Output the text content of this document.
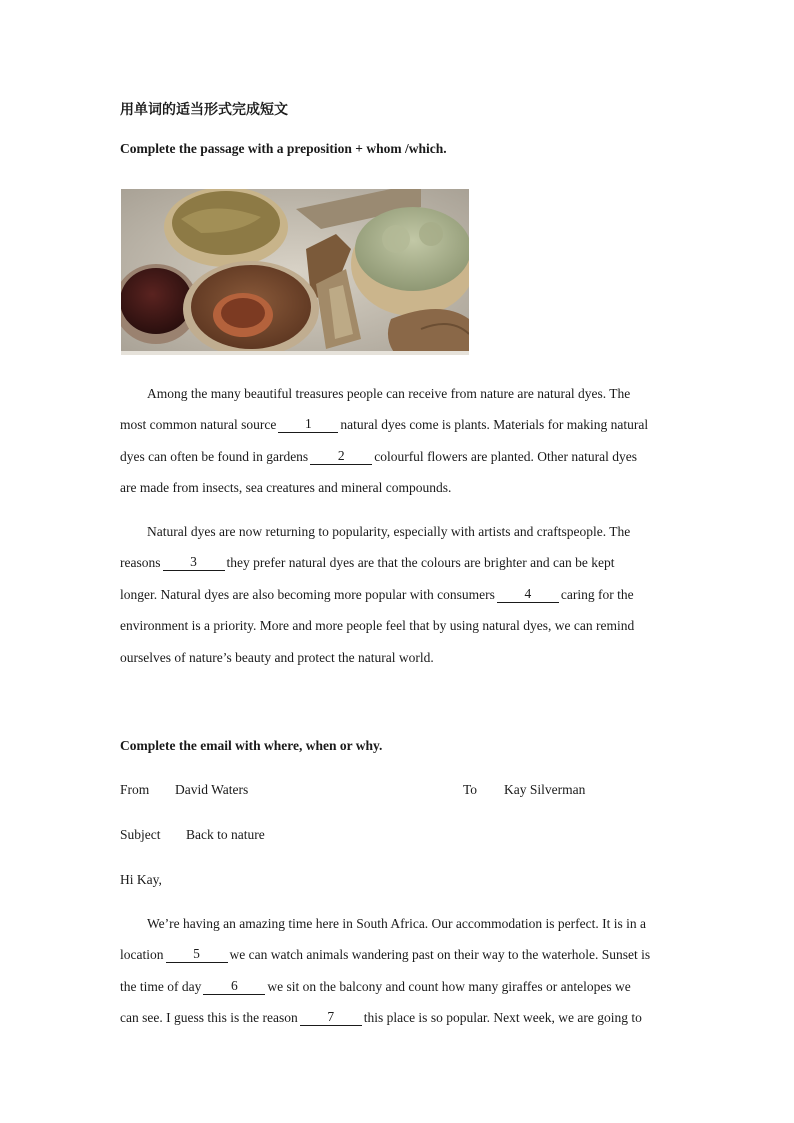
用单词的适当形式完成短文
Complete the passage with a preposition + whom /which.
Among the many beautiful treasures people can receive from nature are natural dyes. The
most common natural source 1 natural dyes come is plants. Materials for making natural
dyes can often be found in gardens 2 colourful flowers are planted. Other natural dyes
are made from insects, sea creatures and mineral compounds.
Natural dyes are now returning to popularity, especially with artists and craftspeople. The
reasons 3 they prefer natural dyes are that the colours are brighter and can be kept
longer. Natural dyes are also becoming more popular with consumers 4 caring for the
environment is a priority. More and more people feel that by using natural dyes, we can remind
ourselves of nature’s beauty and protect the natural world.
Complete the email with where, when or why.
From David Waters	To Kay Silverman
Subject Back to nature
Hi Kay,
We’re having an amazing time here in South Africa. Our accommodation is perfect. It is in a
location 5 we can watch animals wandering past on their way to the waterhole. Sunset is
the time of day 6 we sit on the balcony and count how many giraffes or antelopes we
can see. I guess this is the reason 7 this place is so popular. Next week, we are going to
